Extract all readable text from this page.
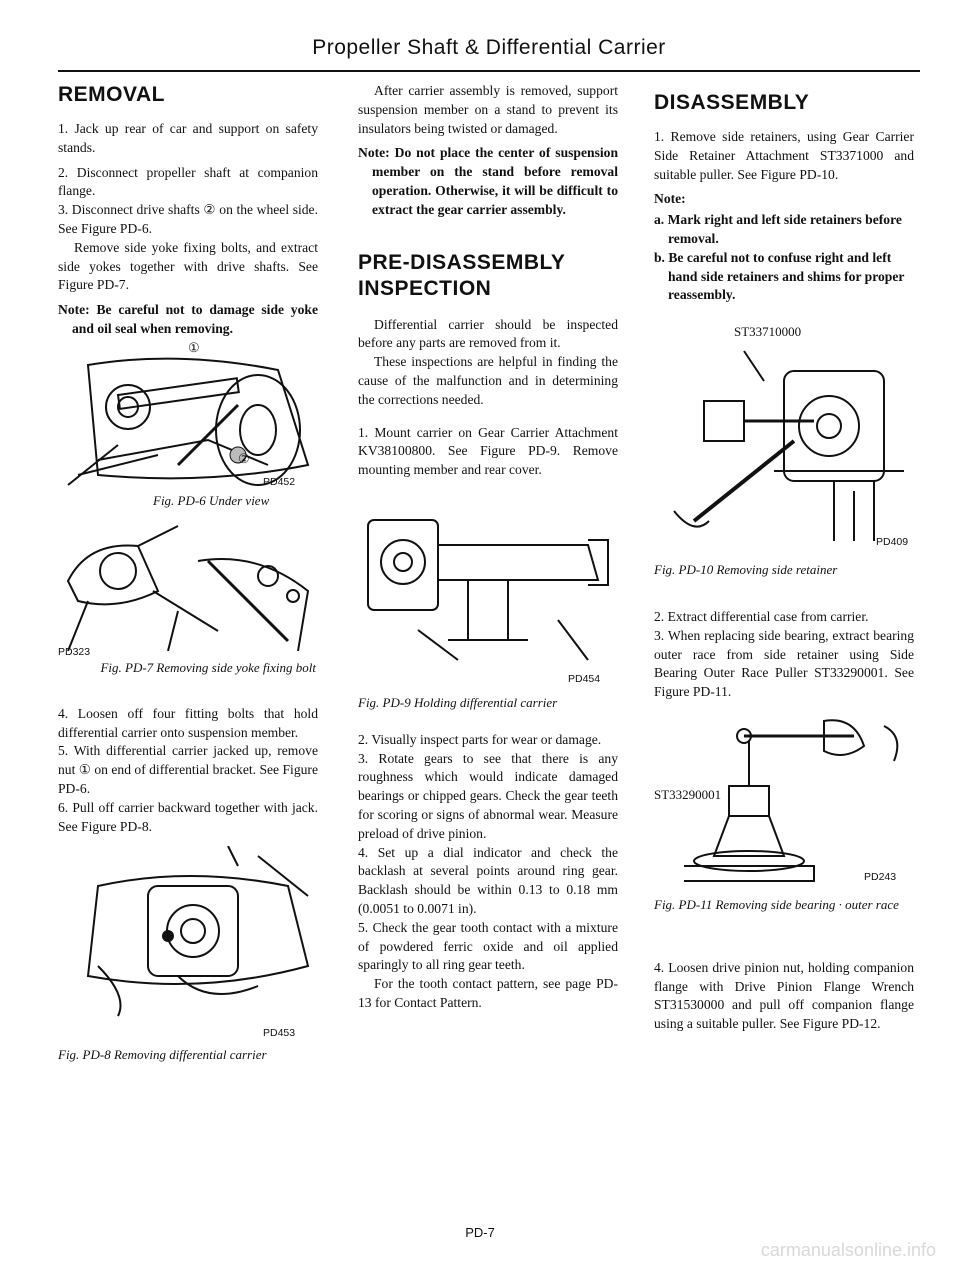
Propeller Shaft & Differential Carrier
REMOVAL

1. Jack up rear of car and support on safety stands.

2. Disconnect propeller shaft at companion flange.

3. Disconnect drive shafts ② on the wheel side. See Figure PD-6.

Remove side yoke fixing bolts, and extract side yokes together with drive shafts. See Figure PD-7.

Note: Be careful not to damage side yoke and oil seal when removing.

①
②
PD452
Fig. PD-6 Under view
PD323
Fig. PD-7 Removing side yoke fixing bolt

4. Loosen off four fitting bolts that hold differential carrier onto suspension member.

5. With differential carrier jacked up, remove nut ① on end of differential bracket. See Figure PD-6.

6. Pull off carrier backward together with jack. See Figure PD-8.

PD453
Fig. PD-8 Removing differential carrier

After carrier assembly is removed, support suspension member on a stand to prevent its insulators being twisted or damaged.

Note: Do not place the center of suspension member on the stand before removal operation. Otherwise, it will be difficult to extract the gear carrier assembly.

PRE-DISASSEMBLY
INSPECTION

Differential carrier should be inspected before any parts are removed from it.

These inspections are helpful in finding the cause of the malfunction and in determining the corrections needed.

1. Mount carrier on Gear Carrier Attachment KV38100800. See Figure PD-9. Remove mounting member and rear cover.

PD454
Fig. PD-9 Holding differential carrier

2. Visually inspect parts for wear or damage.

3. Rotate gears to see that there is any roughness which would indicate damaged bearings or chipped gears. Check the gear teeth for scoring or signs of abnormal wear. Measure preload of drive pinion.

4. Set up a dial indicator and check the backlash at several points around ring gear. Backlash should be within 0.13 to 0.18 mm (0.0051 to 0.0071 in).

5. Check the gear tooth contact with a mixture of powdered ferric oxide and oil applied sparingly to all ring gear teeth.

For the tooth contact pattern, see page PD-13 for Contact Pattern.

DISASSEMBLY

1. Remove side retainers, using Gear Carrier Side Retainer Attachment ST3371000 and suitable puller. See Figure PD-10.

Note:

a. Mark right and left side retainers before removal.

b. Be careful not to confuse right and left hand side retainers and shims for proper reassembly.

ST33710000
PD409
Fig. PD-10 Removing side retainer

2. Extract differential case from carrier.

3. When replacing side bearing, extract bearing outer race from side retainer using Side Bearing Outer Race Puller ST33290001. See Figure PD-11.

ST33290001
PD243
Fig. PD-11 Removing side bearing · outer race

4. Loosen drive pinion nut, holding companion flange with Drive Pinion Flange Wrench ST31530000 and pull off companion flange using a suitable puller. See Figure PD-12.

PD-7
carmanualsonline.info
